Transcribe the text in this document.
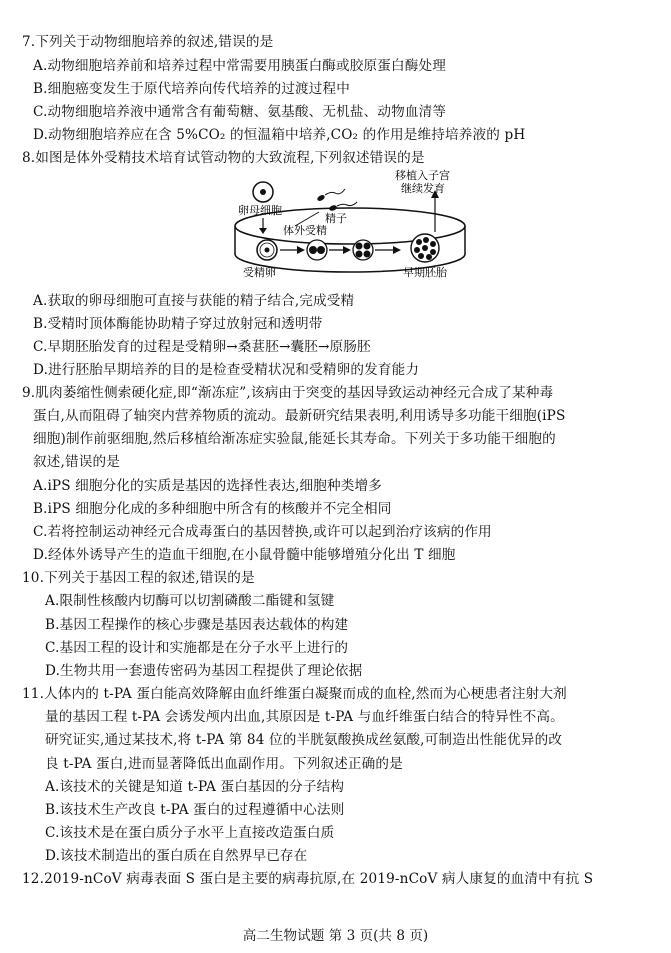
7.下列关于动物细胞培养的叙述,错误的是
A.动物细胞培养前和培养过程中常需要用胰蛋白酶或胶原蛋白酶处理
B.细胞癌变发生于原代培养向传代培养的过渡过程中
C.动物细胞培养液中通常含有葡萄糖、氨基酸、无机盐、动物血清等
D.动物细胞培养应在含 5%CO₂ 的恒温箱中培养,CO₂ 的作用是维持培养液的 pH
8.如图是体外受精技术培育试管动物的大致流程,下列叙述错误的是
卵母细胞
精子
体外受精
受精卵	早期胚胎
移植入子宫
继续发育
A.获取的卵母细胞可直接与获能的精子结合,完成受精
B.受精时顶体酶能协助精子穿过放射冠和透明带
C.早期胚胎发育的过程是受精卵→桑葚胚→囊胚→原肠胚
D.进行胚胎早期培养的目的是检查受精状况和受精卵的发育能力
9.肌肉萎缩性侧索硬化症,即“渐冻症”,该病由于突变的基因导致运动神经元合成了某种毒
蛋白,从而阻碍了轴突内营养物质的流动。最新研究结果表明,利用诱导多功能干细胞(iPS
细胞)制作前驱细胞,然后移植给渐冻症实验鼠,能延长其寿命。下列关于多功能干细胞的
叙述,错误的是
A.iPS 细胞分化的实质是基因的选择性表达,细胞种类增多
B.iPS 细胞分化成的多种细胞中所含有的核酸并不完全相同
C.若将控制运动神经元合成毒蛋白的基因替换,或许可以起到治疗该病的作用
D.经体外诱导产生的造血干细胞,在小鼠骨髓中能够增殖分化出 T 细胞
10.下列关于基因工程的叙述,错误的是
A.限制性核酸内切酶可以切割磷酸二酯键和氢键
B.基因工程操作的核心步骤是基因表达载体的构建
C.基因工程的设计和实施都是在分子水平上进行的
D.生物共用一套遗传密码为基因工程提供了理论依据
11.人体内的 t-PA 蛋白能高效降解由血纤维蛋白凝聚而成的血栓,然而为心梗患者注射大剂
量的基因工程 t-PA 会诱发颅内出血,其原因是 t-PA 与血纤维蛋白结合的特异性不高。
研究证实,通过某技术,将 t-PA 第 84 位的半胱氨酸换成丝氨酸,可制造出性能优异的改
良 t-PA 蛋白,进而显著降低出血副作用。下列叙述正确的是
A.该技术的关键是知道 t-PA 蛋白基因的分子结构
B.该技术生产改良 t-PA 蛋白的过程遵循中心法则
C.该技术是在蛋白质分子水平上直接改造蛋白质
D.该技术制造出的蛋白质在自然界早已存在
12.2019-nCoV 病毒表面 S 蛋白是主要的病毒抗原,在 2019-nCoV 病人康复的血清中有抗 S
高二生物试题 第 3 页(共 8 页)
